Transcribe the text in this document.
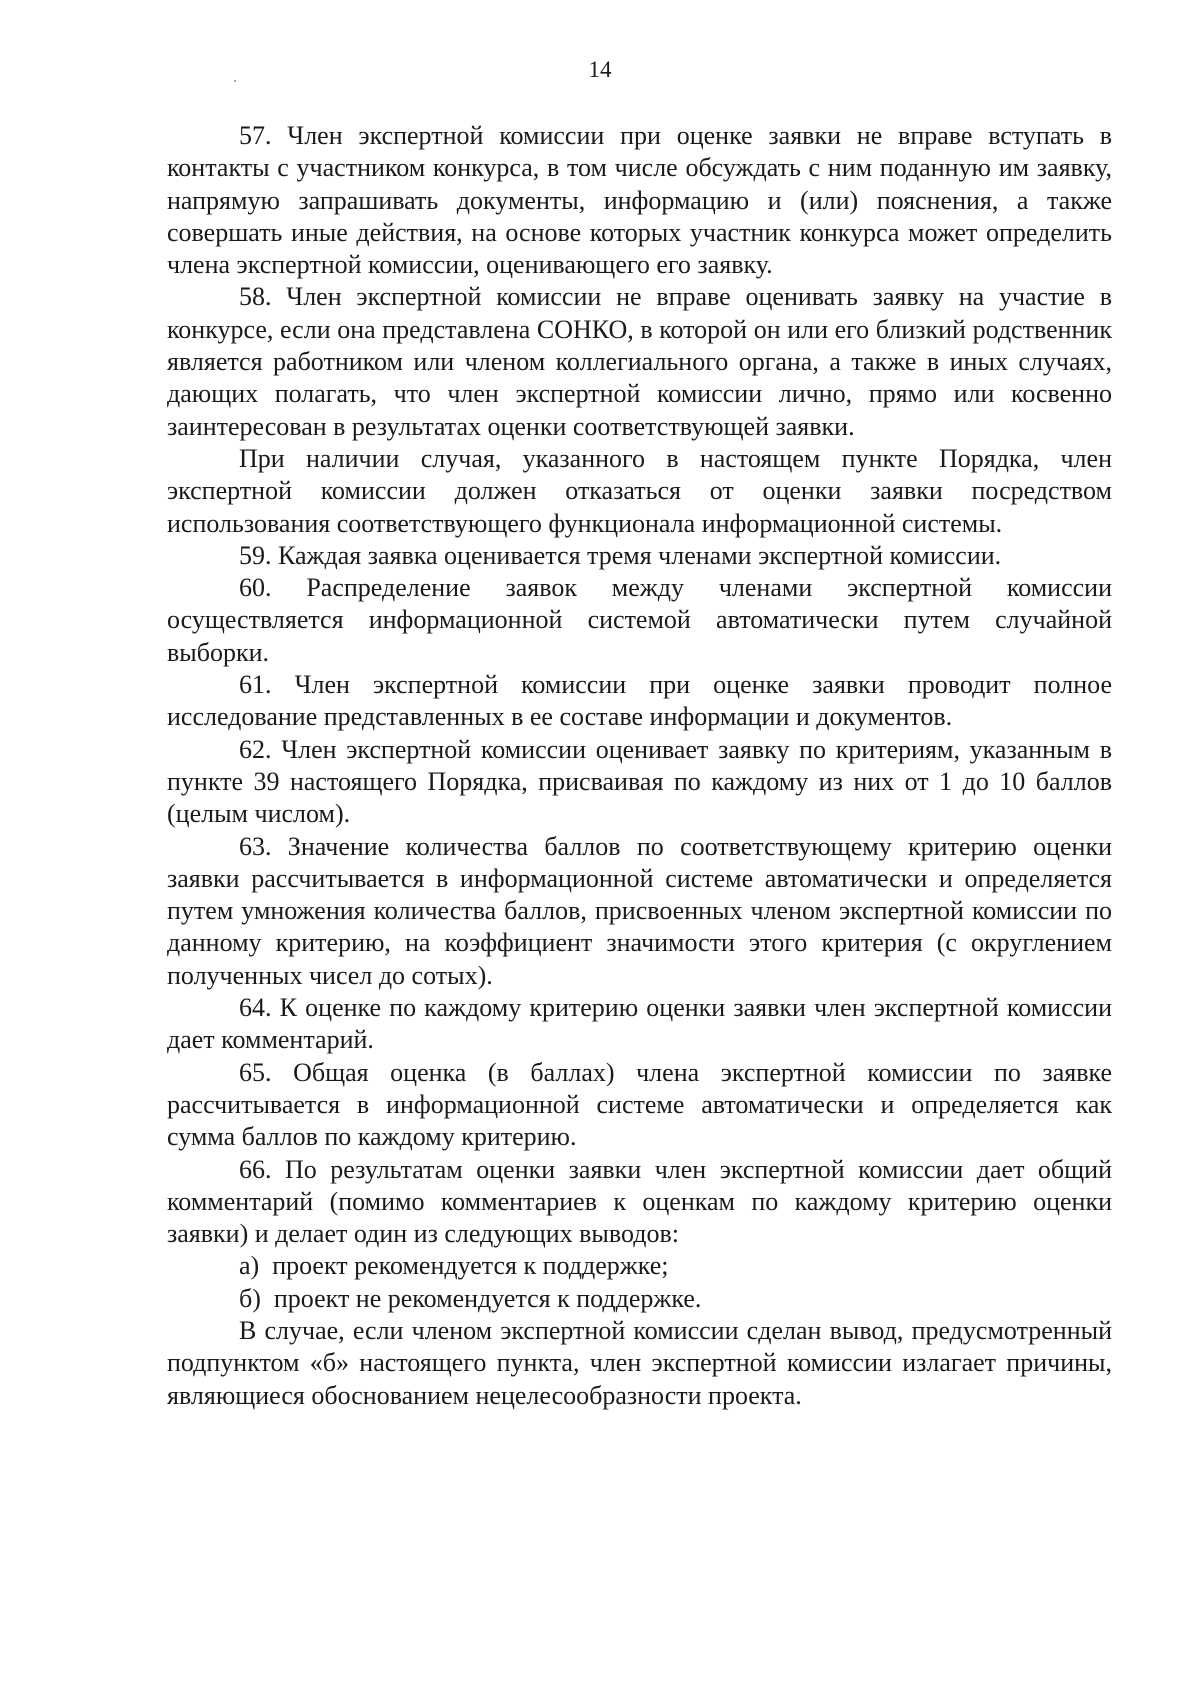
14

57. Член экспертной комиссии при оценке заявки не вправе вступать в контакты с участником конкурса, в том числе обсуждать с ним поданную им заявку, напрямую запрашивать документы, информацию и (или) пояснения, а также совершать иные действия, на основе которых участник конкурса может определить члена экспертной комиссии, оценивающего его заявку.

58. Член экспертной комиссии не вправе оценивать заявку на участие в конкурсе, если она представлена СОНКО, в которой он или его близкий родственник является работником или членом коллегиального органа, а также в иных случаях, дающих полагать, что член экспертной комиссии лично, прямо или косвенно заинтересован в результатах оценки соответствующей заявки.

При наличии случая, указанного в настоящем пункте Порядка, член экспертной комиссии должен отказаться от оценки заявки посредством использования соответствующего функционала информационной системы.

59. Каждая заявка оценивается тремя членами экспертной комиссии.

60. Распределение заявок между членами экспертной комиссии осуществляется информационной системой автоматически путем случайной выборки.

61. Член экспертной комиссии при оценке заявки проводит полное исследование представленных в ее составе информации и документов.

62. Член экспертной комиссии оценивает заявку по критериям, указанным в пункте 39 настоящего Порядка, присваивая по каждому из них от 1 до 10 баллов (целым числом).

63. Значение количества баллов по соответствующему критерию оценки заявки рассчитывается в информационной системе автоматически и определяется путем умножения количества баллов, присвоенных членом экспертной комиссии по данному критерию, на коэффициент значимости этого критерия (с округлением полученных чисел до сотых).

64. К оценке по каждому критерию оценки заявки член экспертной комиссии дает комментарий.

65. Общая оценка (в баллах) члена экспертной комиссии по заявке рассчитывается в информационной системе автоматически и определяется как сумма баллов по каждому критерию.

66. По результатам оценки заявки член экспертной комиссии дает общий комментарий (помимо комментариев к оценкам по каждому критерию оценки заявки) и делает один из следующих выводов:

а)  проект рекомендуется к поддержке;

б)  проект не рекомендуется к поддержке.

В случае, если членом экспертной комиссии сделан вывод, предусмотренный подпунктом «б» настоящего пункта, член экспертной комиссии излагает причины, являющиеся обоснованием нецелесообразности проекта.
